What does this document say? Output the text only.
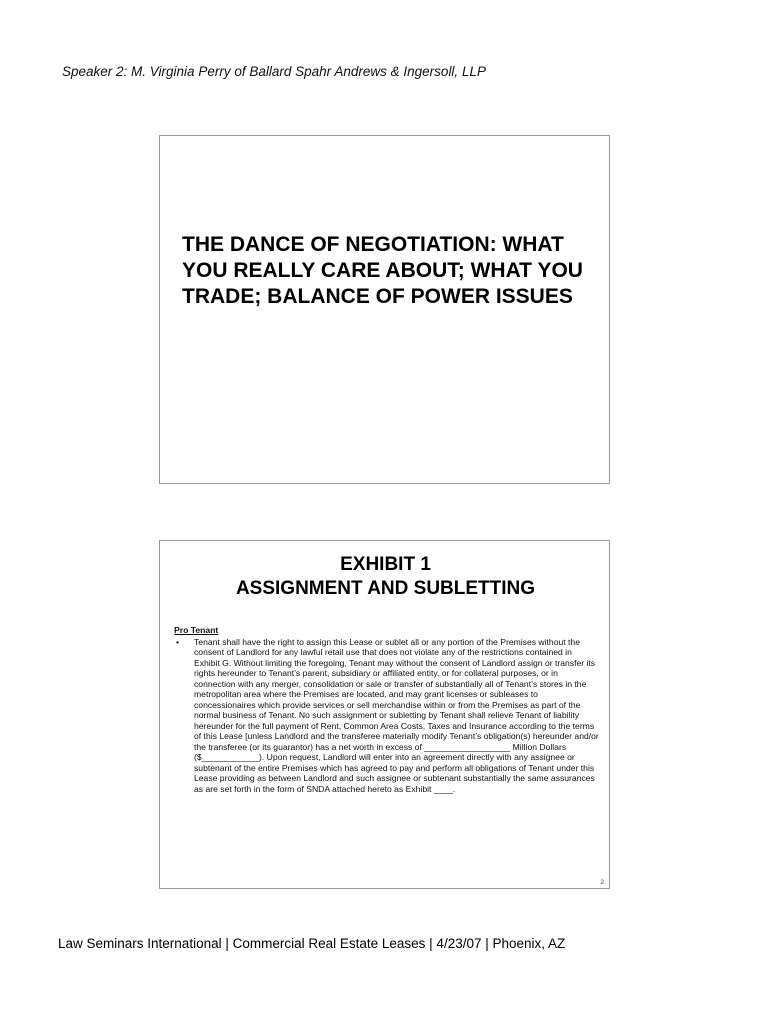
Speaker 2: M. Virginia Perry of Ballard Spahr Andrews & Ingersoll, LLP
THE DANCE OF NEGOTIATION: WHAT YOU REALLY CARE ABOUT; WHAT YOU TRADE; BALANCE OF POWER ISSUES
EXHIBIT 1
ASSIGNMENT AND SUBLETTING
Pro Tenant
•	Tenant shall have the right to assign this Lease or sublet all or any portion of the Premises without the consent of Landlord for any lawful retail use that does not violate any of the restrictions contained in Exhibit G. Without limiting the foregoing, Tenant may without the consent of Landlord assign or transfer its rights hereunder to Tenant’s parent, subsidiary or affiliated entity, or for collateral purposes, or in connection with any merger, consolidation or sale or transfer of substantially all of Tenant’s stores in the metropolitan area where the Premises are located, and may grant licenses or subleases to concessionaires which provide services or sell merchandise within or from the Premises as part of the normal business of Tenant. No such assignment or subletting by Tenant shall relieve Tenant of liability hereunder for the full payment of Rent, Common Area Costs, Taxes and Insurance according to the terms of this Lease [unless Landlord and the transferee materially modify Tenant’s obligation(s) hereunder and/or the transferee (or its guarantor) has a net worth in excess of __________________ Million Dollars ($____________). Upon request, Landlord will enter into an agreement directly with any assignee or subtenant of the entire Premises which has agreed to pay and perform all obligations of Tenant under this Lease providing as between Landlord and such assignee or subtenant substantially the same assurances as are set forth in the form of SNDA attached hereto as Exhibit ____.
2
Law Seminars International | Commercial Real Estate Leases | 4/23/07 | Phoenix, AZ
